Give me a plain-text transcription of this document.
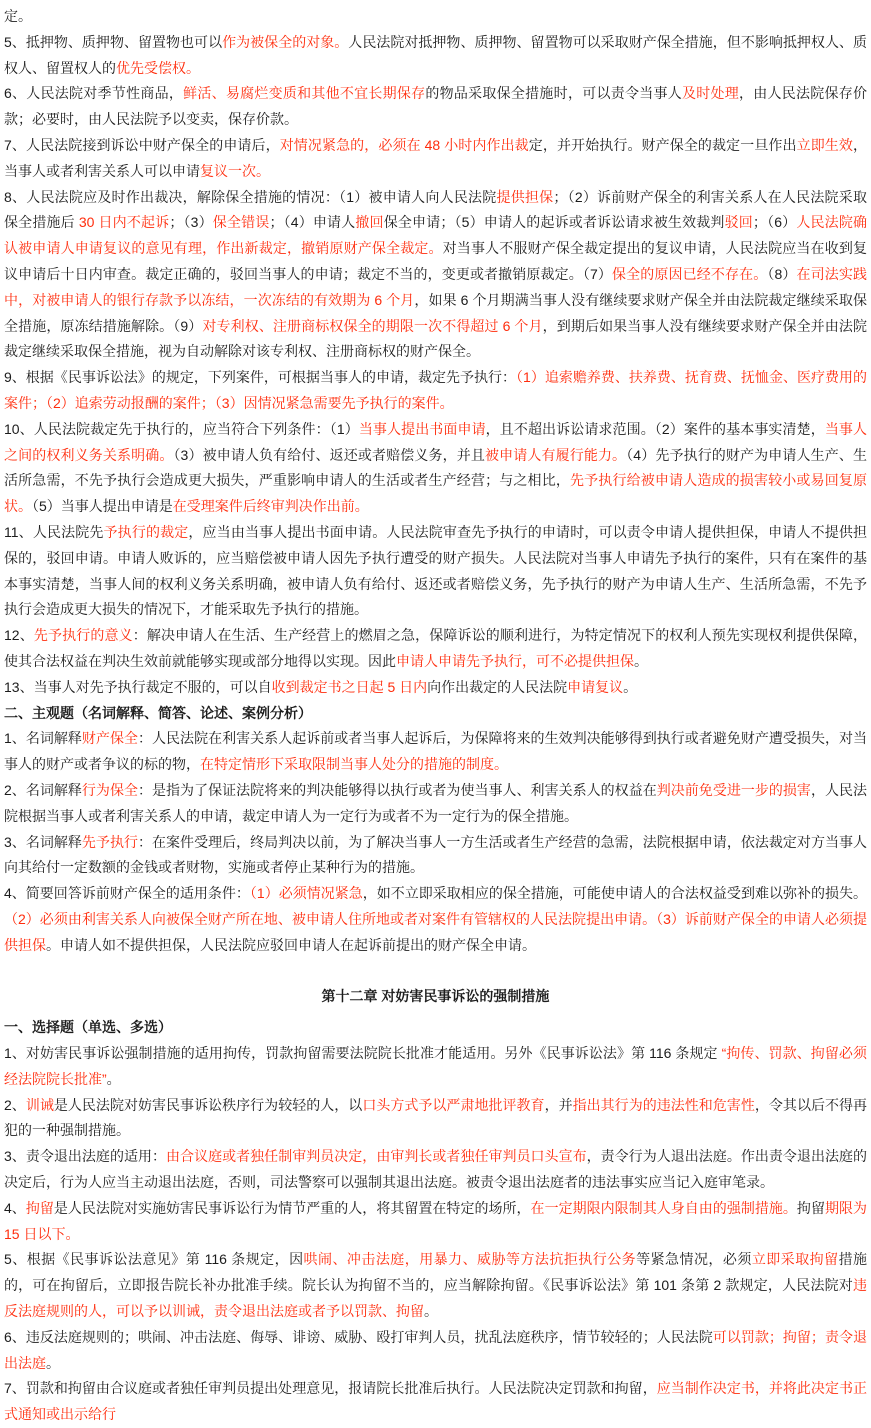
定。

5、抵押物、质押物、留置物也可以作为被保全的对象。人民法院对抵押物、质押物、留置物可以采取财产保全措施，但不影响抵押权人、质权人、留置权人的优先受偿权。

6、人民法院对季节性商品，鲜活、易腐烂变质和其他不宜长期保存的物品采取保全措施时，可以责令当事人及时处理，由人民法院保存价款；必要时，由人民法院予以变卖，保存价款。

7、人民法院接到诉讼中财产保全的申请后，对情况紧急的，必须在 48 小时内作出裁定，并开始执行。财产保全的裁定一旦作出立即生效，当事人或者利害关系人可以申请复议一次。

8、人民法院应及时作出裁决，解除保全措施的情况：（1）被申请人向人民法院提供担保；（2）诉前财产保全的利害关系人在人民法院采取保全措施后 30 日内不起诉；（3）保全错误；（4）申请人撤回保全申请；（5）申请人的起诉或者诉讼请求被生效裁判驳回；（6）人民法院确认被申请人申请复议的意见有理，作出新裁定，撤销原财产保全裁定。对当事人不服财产保全裁定提出的复议申请，人民法院应当在收到复议申请后十日内审查。裁定正确的，驳回当事人的申请；裁定不当的，变更或者撤销原裁定。（7）保全的原因已经不存在。（8）在司法实践中，对被申请人的银行存款予以冻结，一次冻结的有效期为 6 个月，如果 6 个月期满当事人没有继续要求财产保全并由法院裁定继续采取保全措施，原冻结措施解除。（9）对专利权、注册商标权保全的期限一次不得超过 6 个月，到期后如果当事人没有继续要求财产保全并由法院裁定继续采取保全措施，视为自动解除对该专利权、注册商标权的财产保全。

9、根据《民事诉讼法》的规定，下列案件，可根据当事人的申请，裁定先予执行：（1）追索赡养费、扶养费、抚育费、抚恤金、医疗费用的案件；（2）追索劳动报酬的案件；（3）因情况紧急需要先予执行的案件。

10、人民法院裁定先于执行的，应当符合下列条件：（1）当事人提出书面申请，且不超出诉讼请求范围。（2）案件的基本事实清楚，当事人之间的权利义务关系明确。（3）被申请人负有给付、返还或者赔偿义务，并且被申请人有履行能力。（4）先予执行的财产为申请人生产、生活所急需，不先予执行会造成更大损失，严重影响申请人的生活或者生产经营；与之相比，先予执行给被申请人造成的损害较小或易回复原状。（5）当事人提出申请是在受理案件后终审判决作出前。

11、人民法院先予执行的裁定，应当由当事人提出书面申请。人民法院审查先予执行的申请时，可以责令申请人提供担保，申请人不提供担保的，驳回申请。申请人败诉的，应当赔偿被申请人因先予执行遭受的财产损失。人民法院对当事人申请先予执行的案件，只有在案件的基本事实清楚，当事人间的权利义务关系明确，被申请人负有给付、返还或者赔偿义务，先予执行的财产为申请人生产、生活所急需，不先予执行会造成更大损失的情况下，才能采取先予执行的措施。

12、先予执行的意义：解决申请人在生活、生产经营上的燃眉之急，保障诉讼的顺利进行，为特定情况下的权利人预先实现权利提供保障，使其合法权益在判决生效前就能够实现或部分地得以实现。因此申请人申请先予执行，可不必提供担保。

13、当事人对先予执行裁定不服的，可以自收到裁定书之日起 5 日内向作出裁定的人民法院申请复议。

二、主观题（名词解释、简答、论述、案例分析）

1、名词解释财产保全：人民法院在利害关系人起诉前或者当事人起诉后，为保障将来的生效判决能够得到执行或者避免财产遭受损失，对当事人的财产或者争议的标的物，在特定情形下采取限制当事人处分的措施的制度。

2、名词解释行为保全：是指为了保证法院将来的判决能够得以执行或者为使当事人、利害关系人的权益在判决前免受进一步的损害，人民法院根据当事人或者利害关系人的申请，裁定申请人为一定行为或者不为一定行为的保全措施。

3、名词解释先予执行：在案件受理后，终局判决以前，为了解决当事人一方生活或者生产经营的急需，法院根据申请，依法裁定对方当事人向其给付一定数额的金钱或者财物，实施或者停止某种行为的措施。

4、简要回答诉前财产保全的适用条件：（1）必须情况紧急，如不立即采取相应的保全措施，可能使申请人的合法权益受到难以弥补的损失。（2）必须由利害关系人向被保全财产所在地、被申请人住所地或者对案件有管辖权的人民法院提出申请。（3）诉前财产保全的申请人必须提供担保。申请人如不提供担保，人民法院应驳回申请人在起诉前提出的财产保全申请。

第十二章 对妨害民事诉讼的强制措施

一、选择题（单选、多选）

1、对妨害民事诉讼强制措施的适用拘传，罚款拘留需要法院院长批准才能适用。另外《民事诉讼法》第 116 条规定 “拘传、罚款、拘留必须经法院院长批准”。

2、训诫是人民法院对妨害民事诉讼秩序行为较轻的人，以口头方式予以严肃地批评教育，并指出其行为的违法性和危害性，令其以后不得再犯的一种强制措施。

3、责令退出法庭的适用：由合议庭或者独任制审判员决定，由审判长或者独任审判员口头宣布，责令行为人退出法庭。作出责令退出法庭的决定后，行为人应当主动退出法庭，否则，司法警察可以强制其退出法庭。被责令退出法庭者的违法事实应当记入庭审笔录。

4、拘留是人民法院对实施妨害民事诉讼行为情节严重的人，将其留置在特定的场所，在一定期限内限制其人身自由的强制措施。拘留期限为 15 日以下。

5、根据《民事诉讼法意见》第 116 条规定，因哄闹、冲击法庭，用暴力、威胁等方法抗拒执行公务等紧急情况，必须立即采取拘留措施的，可在拘留后，立即报告院长补办批准手续。院长认为拘留不当的，应当解除拘留。《民事诉讼法》第 101 条第 2 款规定，人民法院对违反法庭规则的人，可以予以训诫，责令退出法庭或者予以罚款、拘留。

6、违反法庭规则的；哄闹、冲击法庭、侮辱、诽谤、威胁、殴打审判人员，扰乱法庭秩序，情节较轻的；人民法院可以罚款；拘留；责令退出法庭。

7、罚款和拘留由合议庭或者独任审判员提出处理意见，报请院长批准后执行。人民法院决定罚款和拘留，应当制作决定书，并将此决定书正式通知或出示给行
